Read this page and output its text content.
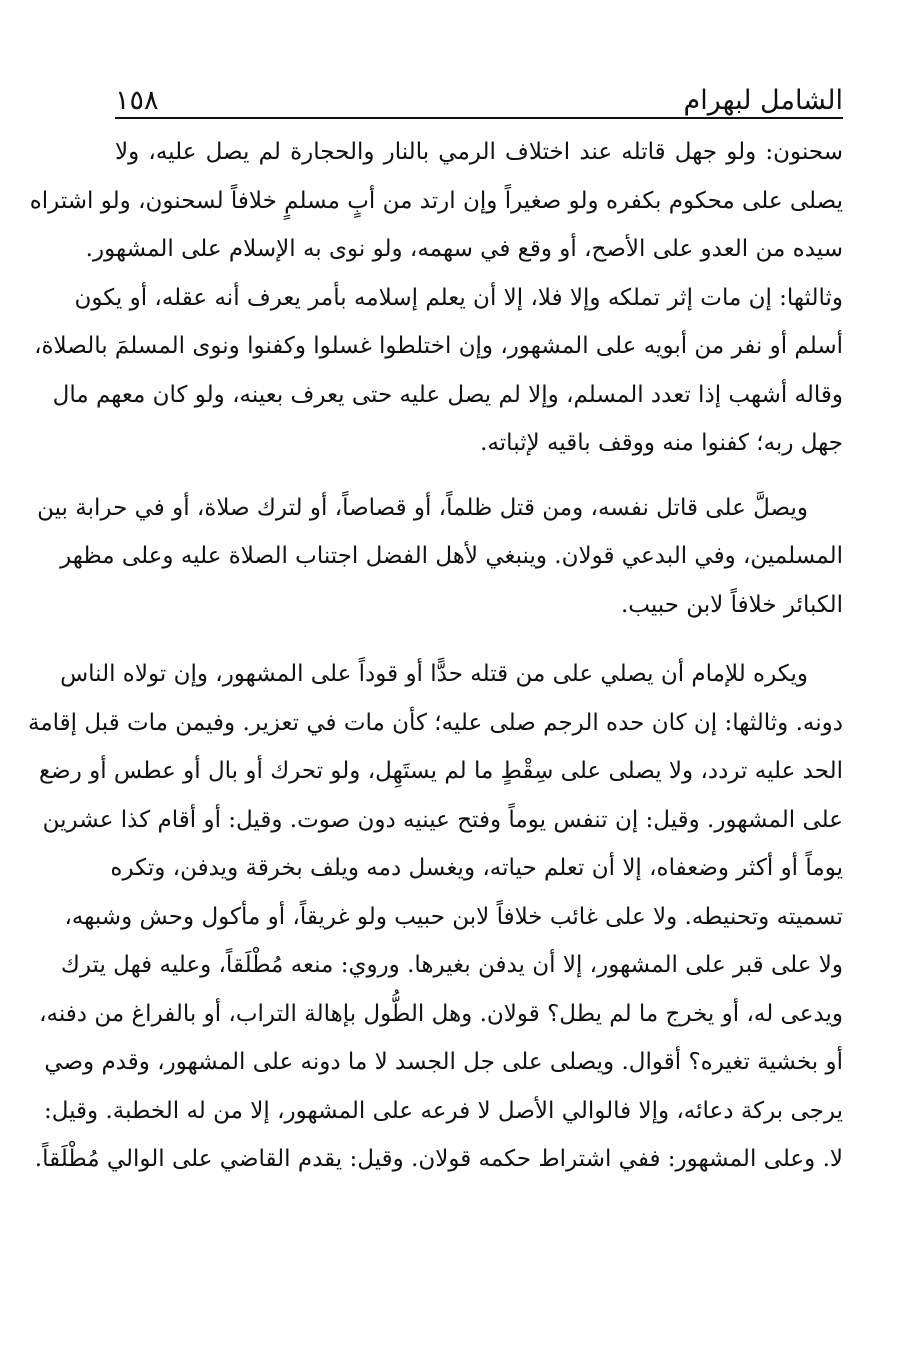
الشامل لبهرام
١٥٨

سحنون: ولو جهل قاتله عند اختلاف الرمي بالنار والحجارة لم يصل عليه، ولا
يصلى على محكوم بكفره ولو صغيراً وإن ارتد من أبٍ مسلمٍ خلافاً لسحنون، ولو اشتراه
سيده من العدو على الأصح، أو وقع في سهمه، ولو نوى به الإسلام على المشهور.
وثالثها: إن مات إثر تملكه وإلا فلا، إلا أن يعلم إسلامه بأمر يعرف أنه عقله، أو يكون
أسلم أو نفر من أبويه على المشهور، وإن اختلطوا غسلوا وكفنوا ونوى المسلمَ بالصلاة،
وقاله أشهب إذا تعدد المسلم، وإلا لم يصل عليه حتى يعرف بعينه، ولو كان معهم مال
جهل ربه؛ كفنوا منه ووقف باقيه لإثباته.

ويصلَّ على قاتل نفسه، ومن قتل ظلماً، أو قصاصاً، أو لترك صلاة، أو في حرابة بين
المسلمين، وفي البدعي قولان. وينبغي لأهل الفضل اجتناب الصلاة عليه وعلى مظهر
الكبائر خلافاً لابن حبيب.

ويكره للإمام أن يصلي على من قتله حدًّا أو قوداً على المشهور، وإن تولاه الناس
دونه. وثالثها: إن كان حده الرجم صلى عليه؛ كأن مات في تعزير. وفيمن مات قبل إقامة
الحد عليه تردد، ولا يصلى على سِقْطٍ ما لم يستَهِل، ولو تحرك أو بال أو عطس أو رضع
على المشهور. وقيل: إن تنفس يوماً وفتح عينيه دون صوت. وقيل: أو أقام كذا عشرين
يوماً أو أكثر وضعفاه، إلا أن تعلم حياته، ويغسل دمه ويلف بخرقة ويدفن، وتكره
تسميته وتحنيطه. ولا على غائب خلافاً لابن حبيب ولو غريقاً، أو مأكول وحش وشبهه،
ولا على قبر على المشهور، إلا أن يدفن بغيرها. وروي: منعه مُطْلَقاً، وعليه فهل يترك
ويدعى له، أو يخرج ما لم يطل؟ قولان. وهل الطُّول بإهالة التراب، أو بالفراغ من دفنه،
أو بخشية تغيره؟ أقوال. ويصلى على جل الجسد لا ما دونه على المشهور، وقدم وصي
يرجى بركة دعائه، وإلا فالوالي الأصل لا فرعه على المشهور، إلا من له الخطبة. وقيل:
لا. وعلى المشهور: ففي اشتراط حكمه قولان. وقيل: يقدم القاضي على الوالي مُطْلَقاً.
